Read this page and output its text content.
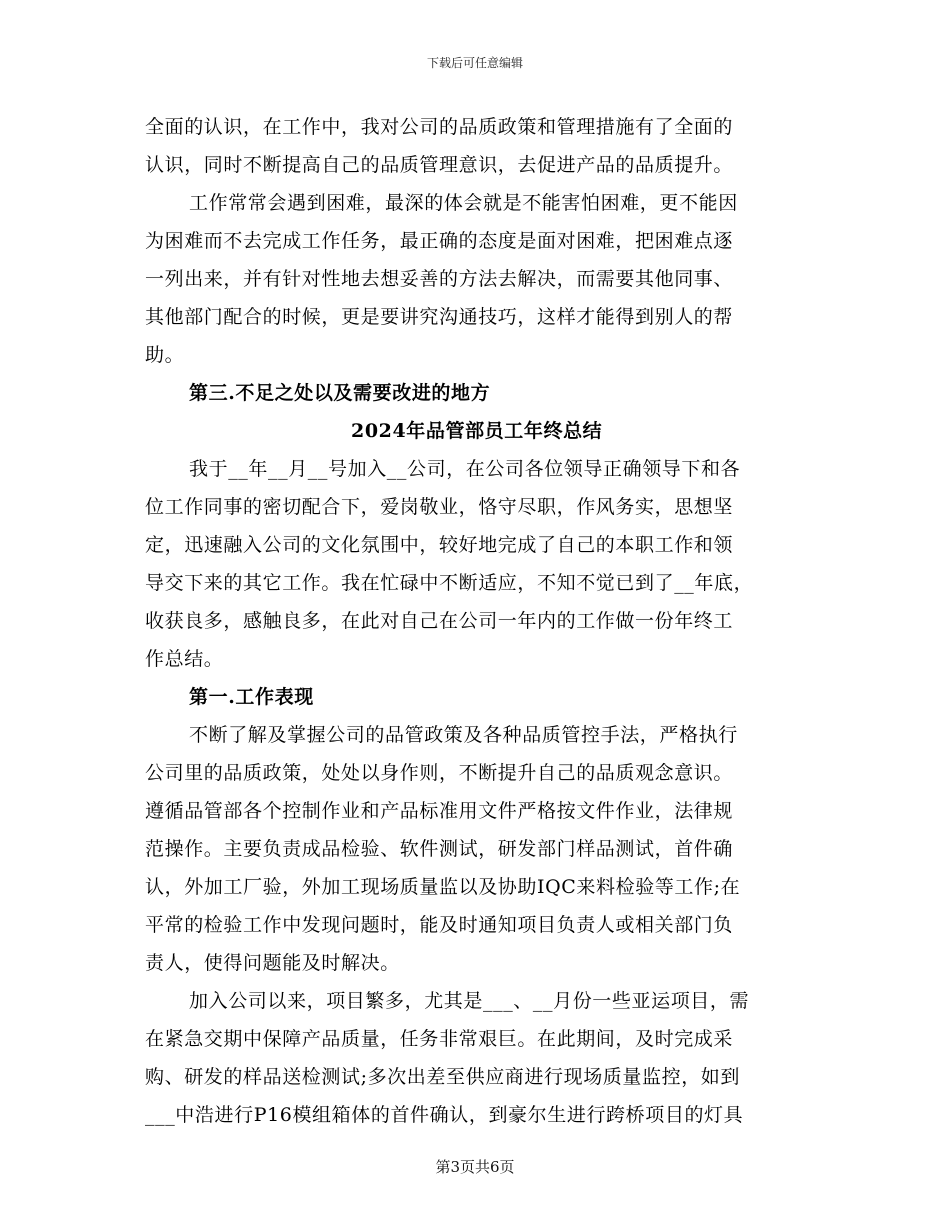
下载后可任意编辑
全面的认识，在工作中，我对公司的品质政策和管理措施有了全面的
认识，同时不断提高自己的品质管理意识，去促进产品的品质提升。
工作常常会遇到困难，最深的体会就是不能害怕困难，更不能因
为困难而不去完成工作任务，最正确的态度是面对困难，把困难点逐
一列出来，并有针对性地去想妥善的方法去解决，而需要其他同事、
其他部门配合的时候，更是要讲究沟通技巧，这样才能得到别人的帮
助。
第三.不足之处以及需要改进的地方
2024年品管部员工年终总结
我于__年__月__号加入__公司，在公司各位领导正确领导下和各
位工作同事的密切配合下，爱岗敬业，恪守尽职，作风务实，思想坚
定，迅速融入公司的文化氛围中，较好地完成了自己的本职工作和领
导交下来的其它工作。我在忙碌中不断适应，不知不觉已到了__年底，
收获良多，感触良多，在此对自己在公司一年内的工作做一份年终工
作总结。
第一.工作表现
不断了解及掌握公司的品管政策及各种品质管控手法，严格执行
公司里的品质政策，处处以身作则，不断提升自己的品质观念意识。
遵循品管部各个控制作业和产品标准用文件严格按文件作业，法律规
范操作。主要负责成品检验、软件测试，研发部门样品测试，首件确
认，外加工厂验，外加工现场质量监以及协助IQC来料检验等工作;在
平常的检验工作中发现问题时，能及时通知项目负责人或相关部门负
责人，使得问题能及时解决。
加入公司以来，项目繁多，尤其是___、__月份一些亚运项目，需
在紧急交期中保障产品质量，任务非常艰巨。在此期间，及时完成采
购、研发的样品送检测试;多次出差至供应商进行现场质量监控，如到
___中浩进行P16模组箱体的首件确认，到豪尔生进行跨桥项目的灯具
第3页共6页
